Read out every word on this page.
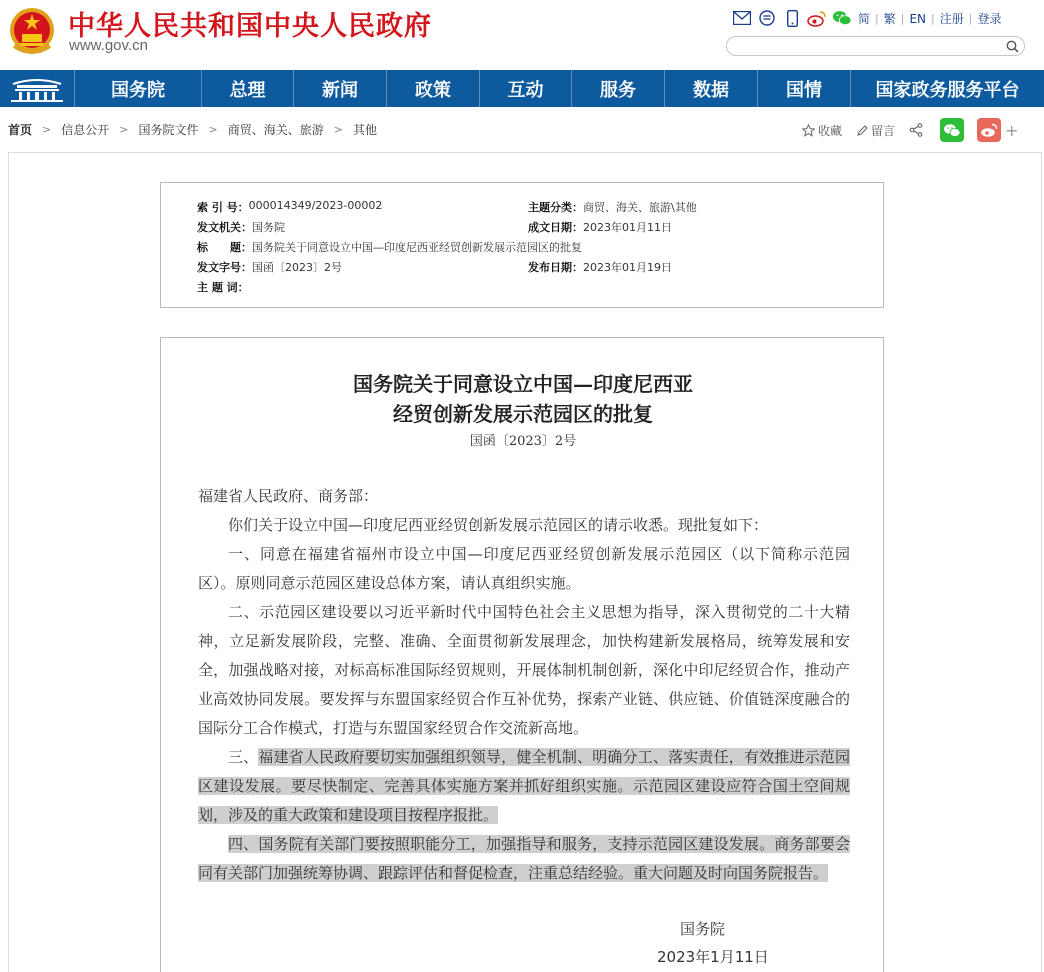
中华人民共和国中央人民政府
www.gov.cn
简 | 繁 | EN | 注册 | 登录
国务院	总理	新闻	政策	互动	服务	数据	国情	国家政务服务平台
首页 > 信息公开 > 国务院文件 > 商贸、海关、旅游 > 其他	收藏 留言	+
索 引 号： 000014349/2023-00002	主题分类： 商贸、海关、旅游\其他
发文机关： 国务院	成文日期： 2023年01月11日
标　　题： 国务院关于同意设立中国—印度尼西亚经贸创新发展示范园区的批复
发文字号： 国函〔2023〕2号	发布日期： 2023年01月19日
主 题 词：
国务院关于同意设立中国—印度尼西亚
经贸创新发展示范园区的批复
国函〔2023〕2号

福建省人民政府、商务部：

你们关于设立中国—印度尼西亚经贸创新发展示范园区的请示收悉。现批复如下：

一、同意在福建省福州市设立中国—印度尼西亚经贸创新发展示范园区（以下简称示范园区）。原则同意示范园区建设总体方案，请认真组织实施。

二、示范园区建设要以习近平新时代中国特色社会主义思想为指导，深入贯彻党的二十大精神，立足新发展阶段，完整、准确、全面贯彻新发展理念，加快构建新发展格局，统筹发展和安全，加强战略对接，对标高标准国际经贸规则，开展体制机制创新，深化中印尼经贸合作，推动产业高效协同发展。要发挥与东盟国家经贸合作互补优势，探索产业链、供应链、价值链深度融合的国际分工合作模式，打造与东盟国家经贸合作交流新高地。

三、福建省人民政府要切实加强组织领导，健全机制、明确分工、落实责任，有效推进示范园区建设发展。要尽快制定、完善具体实施方案并抓好组织实施。示范园区建设应符合国土空间规划，涉及的重大政策和建设项目按程序报批。

四、国务院有关部门要按照职能分工，加强指导和服务，支持示范园区建设发展。商务部要会同有关部门加强统筹协调、跟踪评估和督促检查，注重总结经验。重大问题及时向国务院报告。

国务院
2023年1月11日
